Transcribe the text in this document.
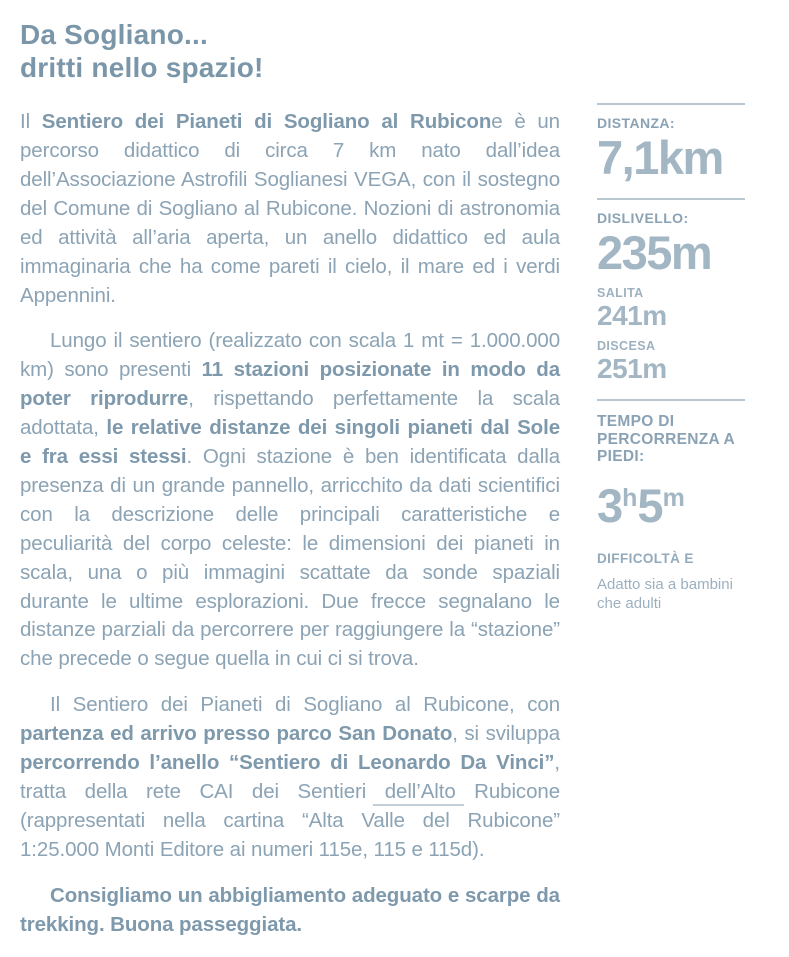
Da Sogliano...
dritti nello spazio!

Il Sentiero dei Pianeti di Sogliano al Rubicone è un percorso didattico di circa 7 km nato dall’idea dell’Associazione Astrofili Soglianesi VEGA, con il sostegno del Comune di Sogliano al Rubicone. Nozioni di astronomia ed attività all’aria aperta, un anello didattico ed aula immaginaria che ha come pareti il cielo, il mare ed i verdi Appennini.

Lungo il sentiero (realizzato con scala 1 mt = 1.000.000 km) sono presenti 11 stazioni posizionate in modo da poter riprodurre, rispettando perfettamente la scala adottata, le relative distanze dei singoli pianeti dal Sole e fra essi stessi. Ogni stazione è ben identificata dalla presenza di un grande pannello, arricchito da dati scientifici con la descrizione delle principali caratteristiche e peculiarità del corpo celeste: le dimensioni dei pianeti in scala, una o più immagini scattate da sonde spaziali durante le ultime esplorazioni. Due frecce segnalano le distanze parziali da percorrere per raggiungere la “stazione” che precede o segue quella in cui ci si trova.

Il Sentiero dei Pianeti di Sogliano al Rubicone, con partenza ed arrivo presso parco San Donato, si sviluppa percorrendo l’anello “Sentiero di Leonardo Da Vinci”, tratta della rete CAI dei Sentieri dell’Alto Rubicone (rappresentati nella cartina “Alta Valle del Rubicone” 1:25.000 Monti Editore ai numeri 115e, 115 e 115d).

Consigliamo un abbigliamento adeguato e scarpe da trekking. Buona passeggiata.

DISTANZA:
7,1km
DISLIVELLO:
235m
SALITA
241m
DISCESA
251m
TEMPO DI PERCORRENZA A PIEDI:
3h5m
DIFFICOLTÀ E
Adatto sia a bambini che adulti
